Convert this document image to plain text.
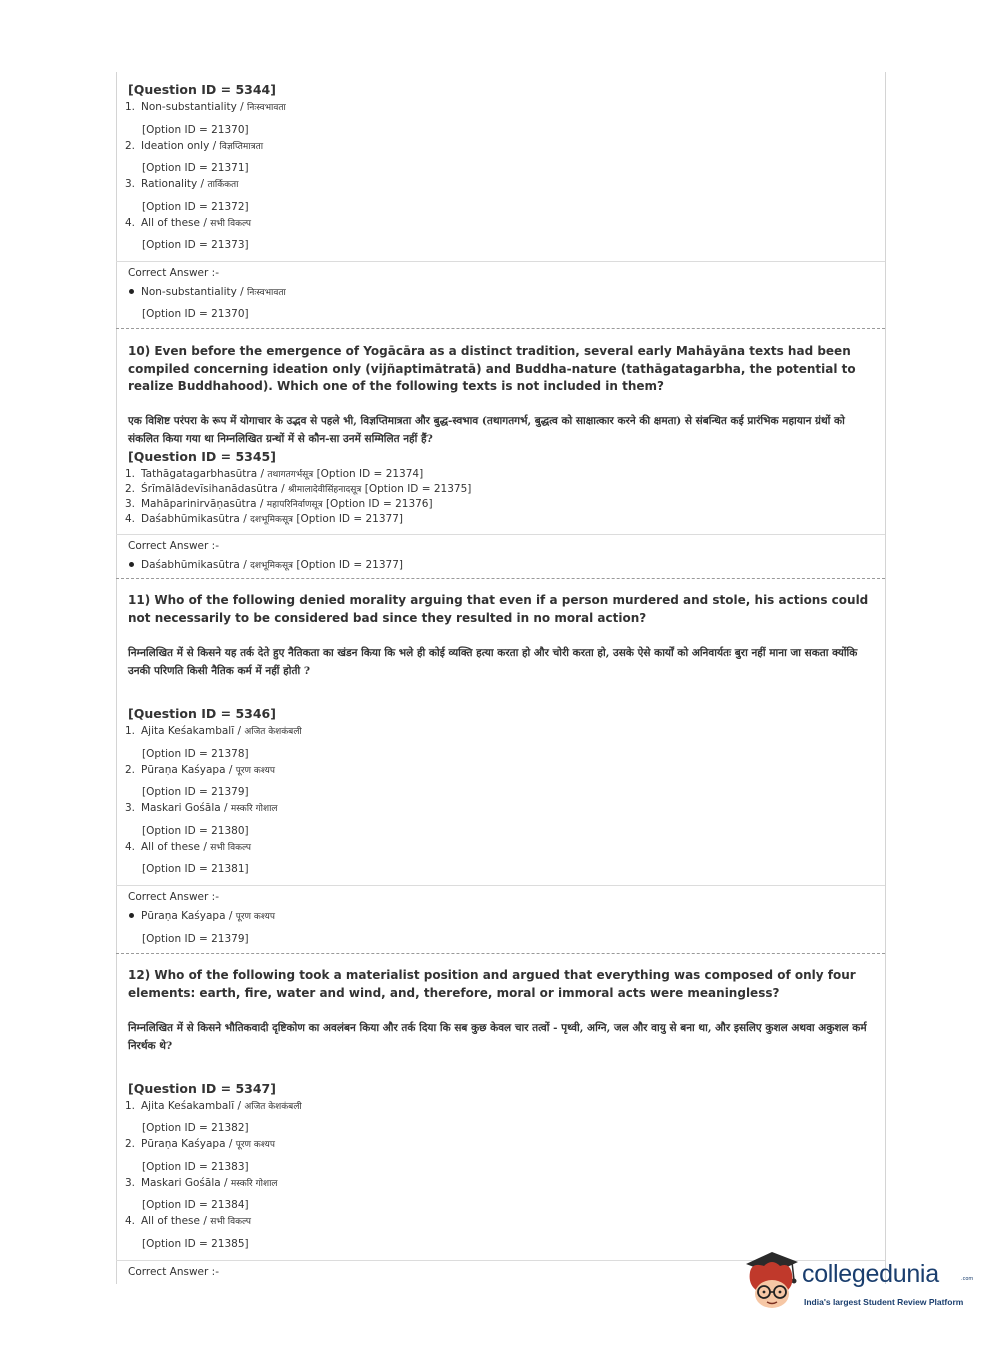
[Question ID = 5344]
1. Non-substantiality / निःस्वभावता
[Option ID = 21370]
2. Ideation only / विज्ञप्तिमात्रता
[Option ID = 21371]
3. Rationality / तार्किकता
[Option ID = 21372]
4. All of these / सभी विकल्प
[Option ID = 21373]
Correct Answer :-
Non-substantiality / निःस्वभावता
[Option ID = 21370]
10) Even before the emergence of Yogācāra as a distinct tradition, several early Mahāyāna texts had been compiled concerning ideation only (vijñaptimātratā) and Buddha-nature (tathāgatagarbha, the potential to realize Buddhahood). Which one of the following texts is not included in them?
एक विशिष्ट परंपरा के रूप में योगाचार के उद्भव से पहले भी, विज्ञप्तिमात्रता और बुद्ध-स्वभाव (तथागतगर्भ, बुद्धत्व को साक्षात्कार करने की क्षमता) से संबन्धित कई प्रारंभिक महायान ग्रंथों को संकलित किया गया था निम्नलिखित ग्रन्थों में से कौन-सा उनमें सम्मिलित नहीं हैं?
[Question ID = 5345]
1. Tathāgatagarbhasūtra / तथागतगर्भसूत्र [Option ID = 21374]
2. Śrīmālādevīsihanādasūtra / श्रीमालादेवीसिंहनादसूत्र [Option ID = 21375]
3. Mahāparinirvāṇasūtra / महापरिनिर्वाणसूत्र [Option ID = 21376]
4. Daśabhūmikasūtra / दशभूमिकसूत्र [Option ID = 21377]
Correct Answer :-
Daśabhūmikasūtra / दशभूमिकसूत्र [Option ID = 21377]
11) Who of the following denied morality arguing that even if a person murdered and stole, his actions could not necessarily to be considered bad since they resulted in no moral action?
निम्नलिखित में से किसने यह तर्क देते हुए नैतिकता का खंडन किया कि भले ही कोई व्यक्ति हत्या करता हो और चोरी करता हो, उसके ऐसे कार्यों को अनिवार्यतः बुरा नहीं माना जा सकता क्योंकि उनकी परिणति किसी नैतिक कर्म में नहीं होती ?
[Question ID = 5346]
1. Ajita Keśakambalī / अजित केशकंबली
[Option ID = 21378]
2. Pūraṇa Kaśyapa / पूरण कश्यप
[Option ID = 21379]
3. Maskari Gośāla / मस्करि गोशाल
[Option ID = 21380]
4. All of these / सभी विकल्प
[Option ID = 21381]
Correct Answer :-
Pūraṇa Kaśyapa / पूरण कश्यप
[Option ID = 21379]
12) Who of the following took a materialist position and argued that everything was composed of only four elements: earth, fire, water and wind, and, therefore, moral or immoral acts were meaningless?
निम्नलिखित में से किसने भौतिकवादी दृष्टिकोण का अवलंबन किया और तर्क दिया कि सब कुछ केवल चार तत्वों - पृथ्वी, अग्नि, जल और वायु से बना था, और इसलिए कुशल अथवा अकुशल कर्म निरर्थक थे?
[Question ID = 5347]
1. Ajita Keśakambalī / अजित केशकंबली
[Option ID = 21382]
2. Pūraṇa Kaśyapa / पूरण कश्यप
[Option ID = 21383]
3. Maskari Gośāla / मस्करि गोशाल
[Option ID = 21384]
4. All of these / सभी विकल्प
[Option ID = 21385]
Correct Answer :-	collegedunia	.com
India's largest Student Review Platform
